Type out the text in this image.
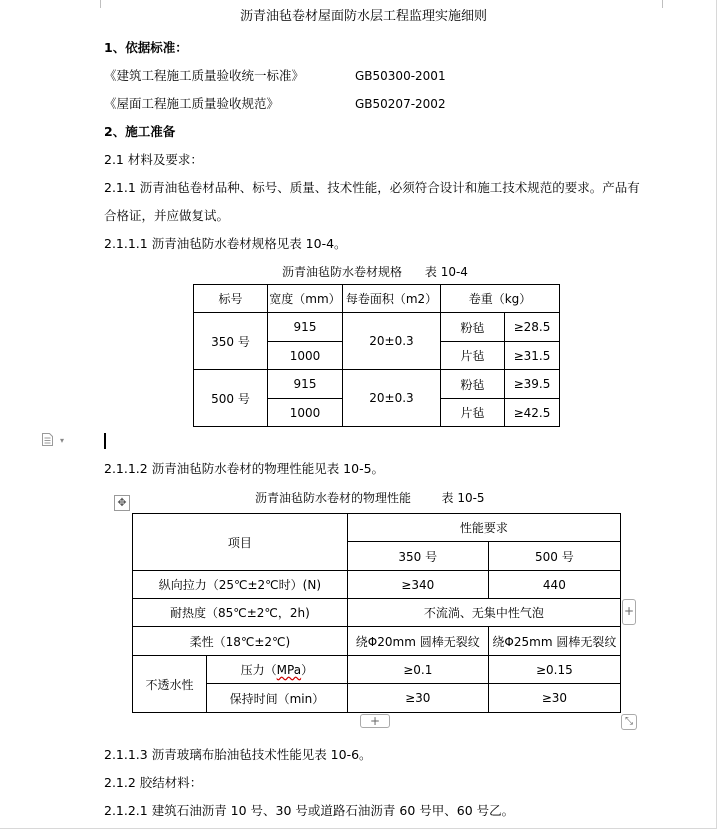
沥青油毡卷材屋面防水层工程监理实施细则
1、依据标准：
《建筑工程施工质量验收统一标准》	GB50300-2001
《屋面工程施工质量验收规范》	GB50207-2002
2、施工准备
2.1 材料及要求：
2.1.1 沥青油毡卷材品种、标号、质量、技术性能，必须符合设计和施工技术规范的要求。产品有
合格证，并应做复试。
2.1.1.1 沥青油毡防水卷材规格见表 10-4。
沥青油毡防水卷材规格      表 10-4
标号	宽度（mm）	每卷面积（m2）	卷重（kg）	
350 号	915	20±0.3	粉毡	≥28.5
	1000		片毡	≥31.5
500 号	915	20±0.3	粉毡	≥39.5
	1000		片毡	≥42.5
▾
2.1.1.2 沥青油毡防水卷材的物理性能见表 10-5。
✥	沥青油毡防水卷材的物理性能        表 10-5
项目		性能要求	
		350 号	500 号
纵向拉力（25℃±2℃时）(N)		≥340	440
耐热度（85℃±2℃，2h)		不流淌、无集中性气泡	
柔性（18℃±2℃)		绕Φ20mm 圆棒无裂纹	绕Φ25mm 圆棒无裂纹
不透水性	压力（MPa）	≥0.1	≥0.15
	保持时间（min）	≥30	≥30
+
+	⤡
2.1.1.3 沥青玻璃布胎油毡技术性能见表 10-6。
2.1.2 胶结材料：
2.1.2.1 建筑石油沥青 10 号、30 号或道路石油沥青 60 号甲、60 号乙。
